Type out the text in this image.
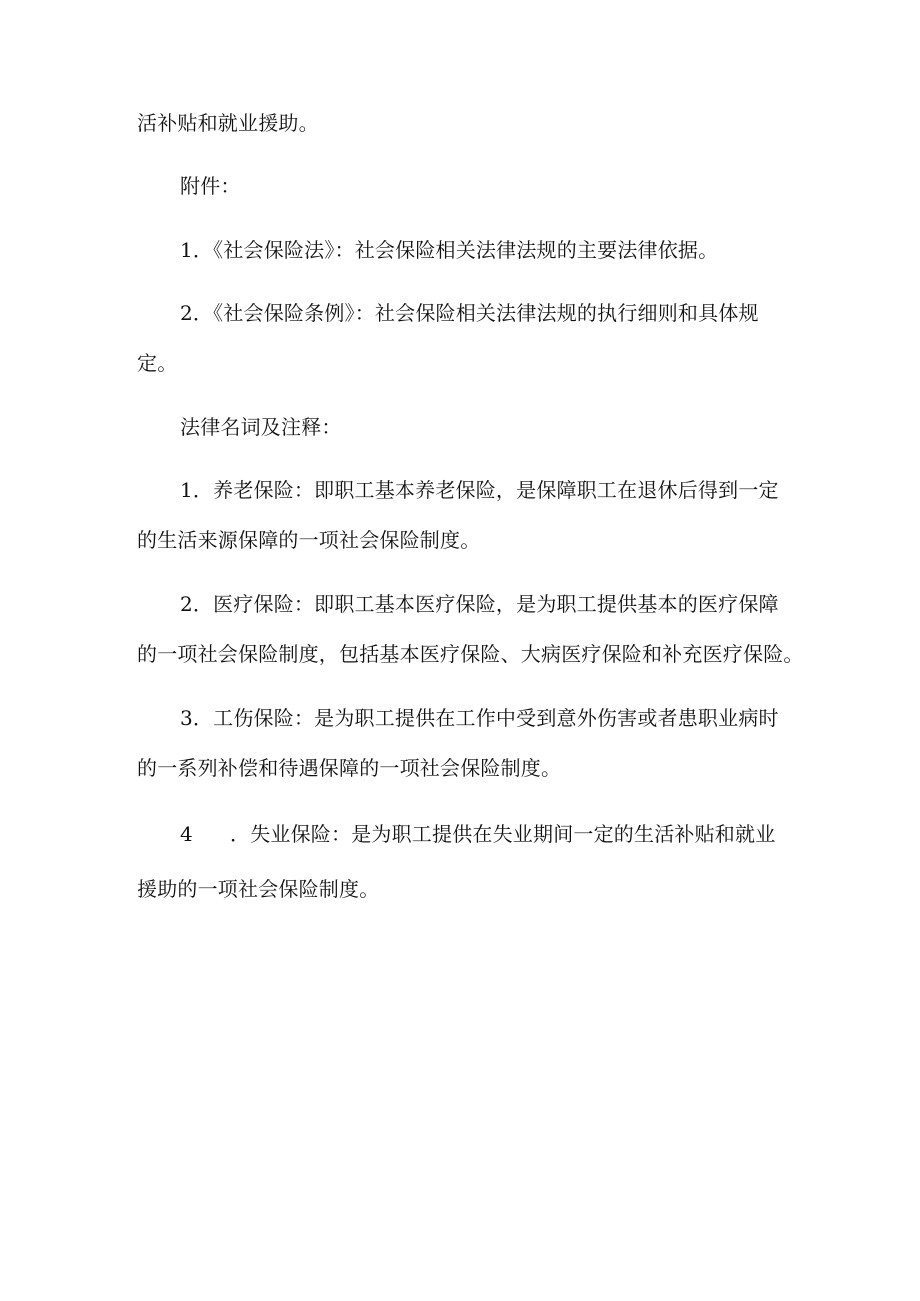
活补贴和就业援助。
附件：
1．《社会保险法》：社会保险相关法律法规的主要法律依据。
2．《社会保险条例》：社会保险相关法律法规的执行细则和具体规
定。
法律名词及注释：
1．养老保险：即职工基本养老保险，是保障职工在退休后得到一定
的生活来源保障的一项社会保险制度。
2．医疗保险：即职工基本医疗保险，是为职工提供基本的医疗保障
的一项社会保险制度，包括基本医疗保险、大病医疗保险和补充医疗保险。
3．工伤保险：是为职工提供在工作中受到意外伤害或者患职业病时
的一系列补偿和待遇保障的一项社会保险制度。
4 ．失业保险：是为职工提供在失业期间一定的生活补贴和就业
援助的一项社会保险制度。
